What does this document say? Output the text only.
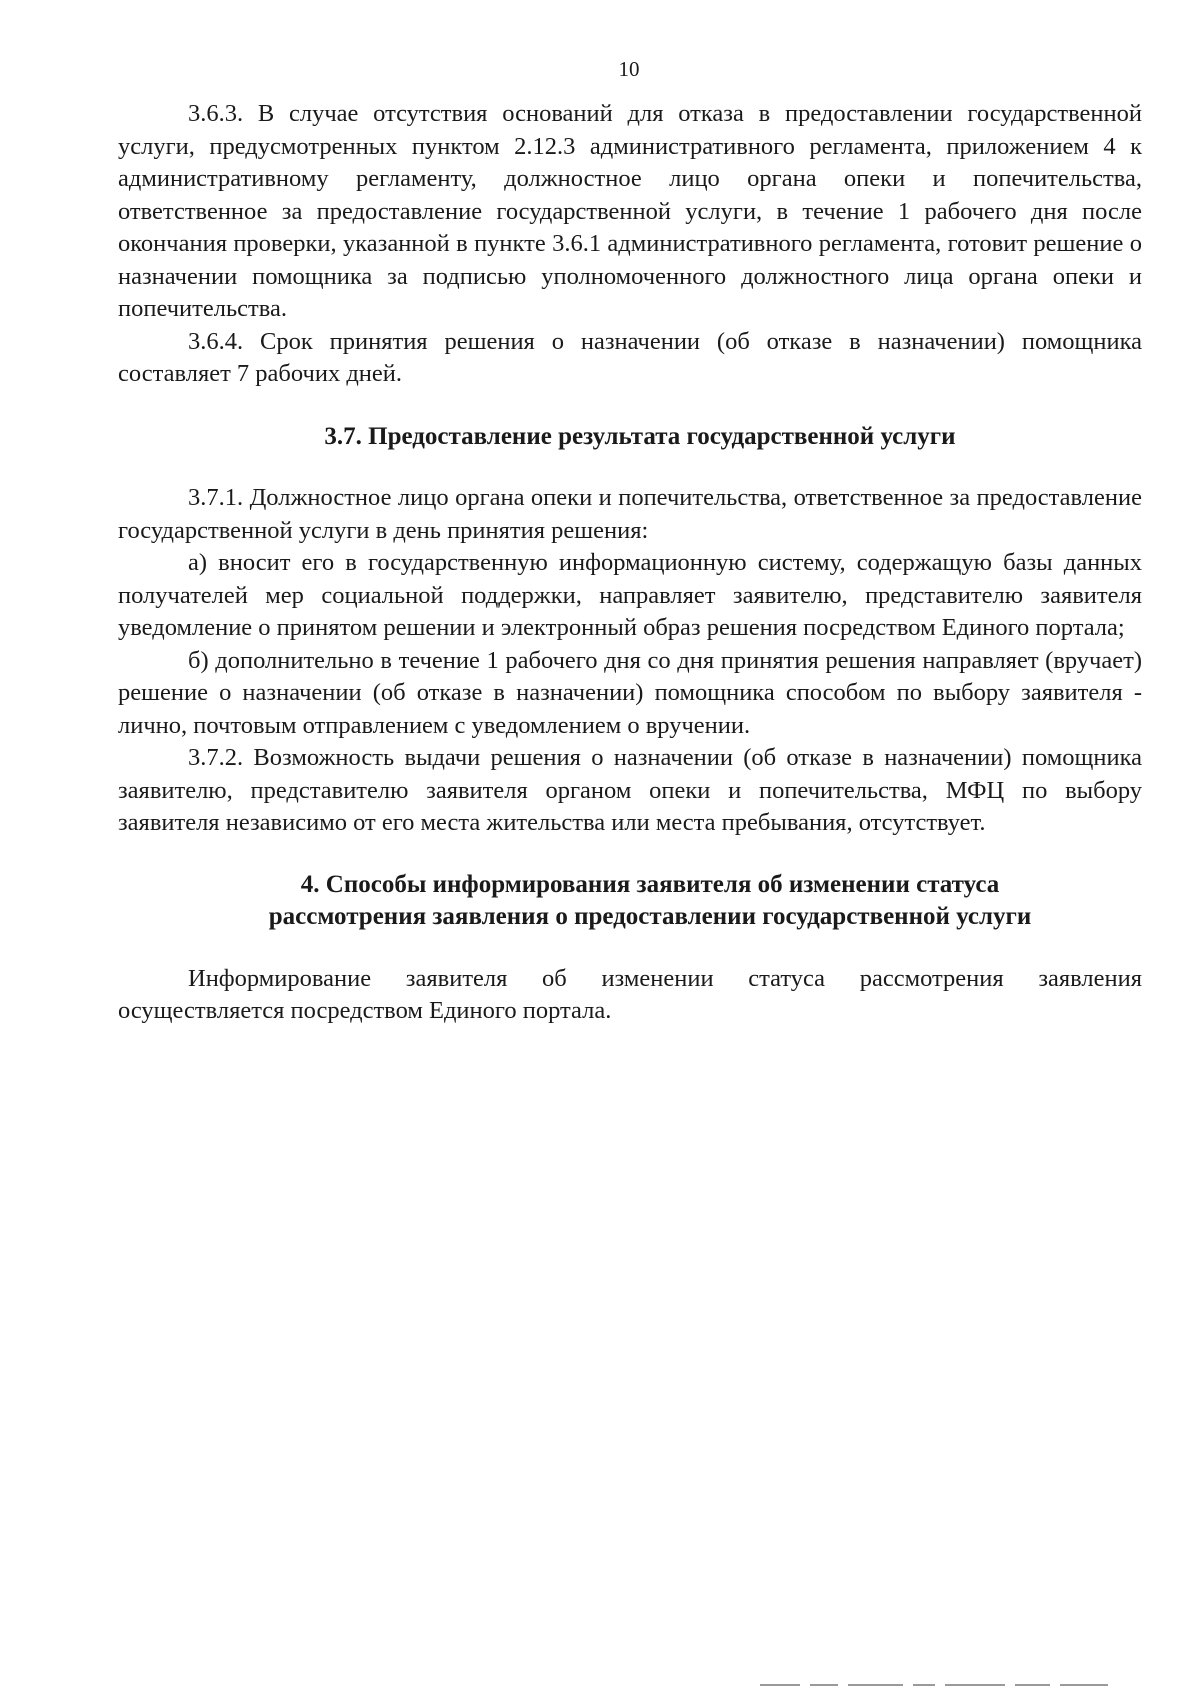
10

3.6.3. В случае отсутствия оснований для отказа в предоставлении государственной услуги, предусмотренных пунктом 2.12.3 административного регламента, приложением 4 к административному регламенту, должностное лицо органа опеки и попечительства, ответственное за предоставление государственной услуги, в течение 1 рабочего дня после окончания проверки, указанной в пункте 3.6.1 административного регламента, готовит решение о назначении помощника за подписью уполномоченного должностного лица органа опеки и попечительства.

3.6.4. Срок принятия решения о назначении (об отказе в назначении) помощника составляет 7 рабочих дней.

3.7. Предоставление результата государственной услуги

3.7.1. Должностное лицо органа опеки и попечительства, ответственное за предоставление государственной услуги в день принятия решения:

а) вносит его в государственную информационную систему, содержащую базы данных получателей мер социальной поддержки, направляет заявителю, представителю заявителя уведомление о принятом решении и электронный образ решения посредством Единого портала;

б) дополнительно в течение 1 рабочего дня со дня принятия решения направляет (вручает) решение о назначении (об отказе в назначении) помощника способом по выбору заявителя - лично, почтовым отправлением с уведомлением о вручении.

3.7.2. Возможность выдачи решения о назначении (об отказе в назначении) помощника заявителю, представителю заявителя органом опеки и попечительства, МФЦ по выбору заявителя независимо от его места жительства или места пребывания, отсутствует.

4. Способы информирования заявителя об изменении статуса
рассмотрения заявления о предоставлении государственной услуги

Информирование заявителя об изменении статуса рассмотрения заявления осуществляется посредством Единого портала.
